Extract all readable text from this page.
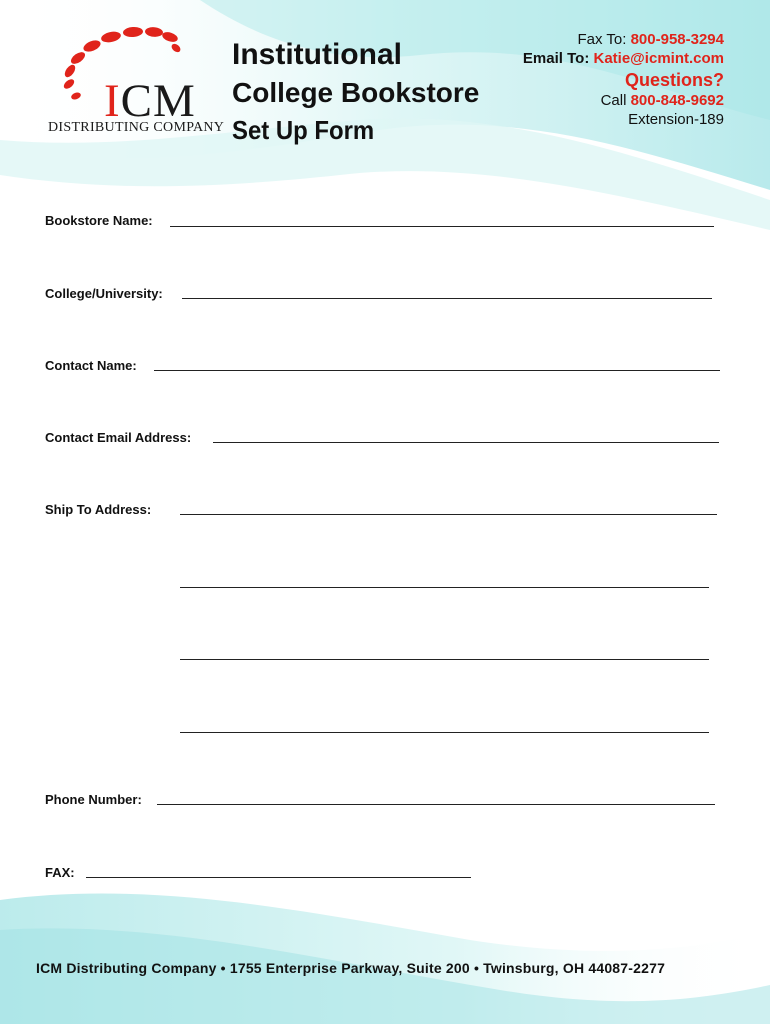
ICM
DISTRIBUTING COMPANY
Institutional
College Bookstore
Set Up Form
Fax To: 800-958-3294
Email To: Katie@icmint.com
Questions?
Call 800-848-9692
Extension-189
Bookstore Name:
College/University:
Contact Name:
Contact Email Address:
Ship To Address:
Phone Number:
FAX:
ICM Distributing Company • 1755 Enterprise Parkway, Suite 200 • Twinsburg, OH 44087-2277
